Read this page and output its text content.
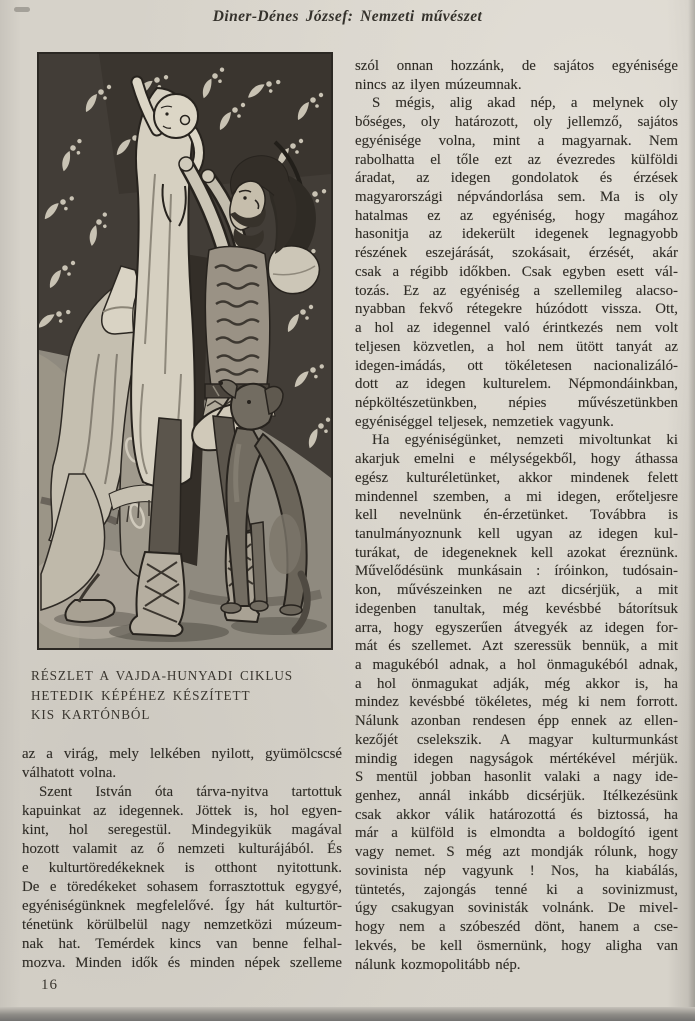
Diner-Dénes József: Nemzeti művészet
RÉSZLET A VAJDA-HUNYADI CIKLUS
HETEDIK KÉPÉHEZ KÉSZÍTETT
KIS KARTÓNBÓL
az a virág, mely lelkében nyilott, gyümölcscsé
válhatott volna.
Szent István óta tárva-nyitva tartottuk
kapuinkat az idegennek. Jöttek is, hol egyen-
kint, hol seregestül. Mindegyikük magával
hozott valamit az ő nemzeti kulturájából. És
e kulturtöredékeknek is otthont nyitottunk.
De e töredékeket sohasem forrasztottuk egygyé,
egyéniségünknek megfelelővé. Így hát kulturtör-
ténetünk körülbelül nagy nemzetközi múzeum-
nak hat. Temérdek kincs van benne felhal-
mozva. Minden idők és minden népek szelleme
szól onnan hozzánk, de sajátos egyénisége
nincs az ilyen múzeumnak.
S mégis, alig akad nép, a melynek oly
bőséges, oly határozott, oly jellemző, sajátos
egyénisége volna, mint a magyarnak. Nem
rabolhatta el tőle ezt az évezredes külföldi
áradat, az idegen gondolatok és érzések
magyarországi népvándorlása sem. Ma is oly
hatalmas ez az egyéniség, hogy magához
hasonitja az idekerült idegenek legnagyobb
részének eszejárását, szokásait, érzését, akár
csak a régibb időkben. Csak egyben esett vál-
tozás. Ez az egyéniség a szellemileg alacso-
nyabban fekvő rétegekre húzódott vissza. Ott,
a hol az idegennel való érintkezés nem volt
teljesen közvetlen, a hol nem ütött tanyát az
idegen-imádás, ott tökéletesen nacionalizáló-
dott az idegen kulturelem. Népmondáinkban,
népköltészetünkben, népies művészetünkben
egyéniséggel teljesek, nemzetiek vagyunk.
Ha egyéniségünket, nemzeti mivoltunkat ki
akarjuk emelni e mélységekből, hogy áthassa
egész kulturéletünket, akkor mindenek felett
mindennel szemben, a mi idegen, erőteljesre
kell nevelnünk én-érzetünket. Továbbra is
tanulmányoznunk kell ugyan az idegen kul-
turákat, de idegeneknek kell azokat éreznünk.
Művelődésünk munkásain : íróinkon, tudósain-
kon, művészeinken ne azt dicsérjük, a mit
idegenben tanultak, még kevésbbé bátorítsuk
arra, hogy egyszerűen átvegyék az idegen for-
mát és szellemet. Azt szeressük bennük, a mit
a magukéból adnak, a hol önmagukéból adnak,
a hol önmagukat adják, még akkor is, ha
mindez kevésbbé tökéletes, még ki nem forrott.
Nálunk azonban rendesen épp ennek az ellen-
kezőjét cselekszik. A magyar kulturmunkást
mindig idegen nagyságok mértékével mérjük.
S mentül jobban hasonlit valaki a nagy ide-
genhez, annál inkább dicsérjük. Itélkezésünk
csak akkor válik határozottá és biztossá, ha
már a külföld is elmondta a boldogító igent
vagy nemet. S még azt mondják rólunk, hogy
sovinista nép vagyunk ! Nos, ha kiabálás,
tüntetés, zajongás tenné ki a sovinizmust,
úgy csakugyan sovinisták volnánk. De mivel-
hogy nem a szóbeszéd dönt, hanem a cse-
lekvés, be kell ösmernünk, hogy aligha van
nálunk kozmopolitább nép.
16
